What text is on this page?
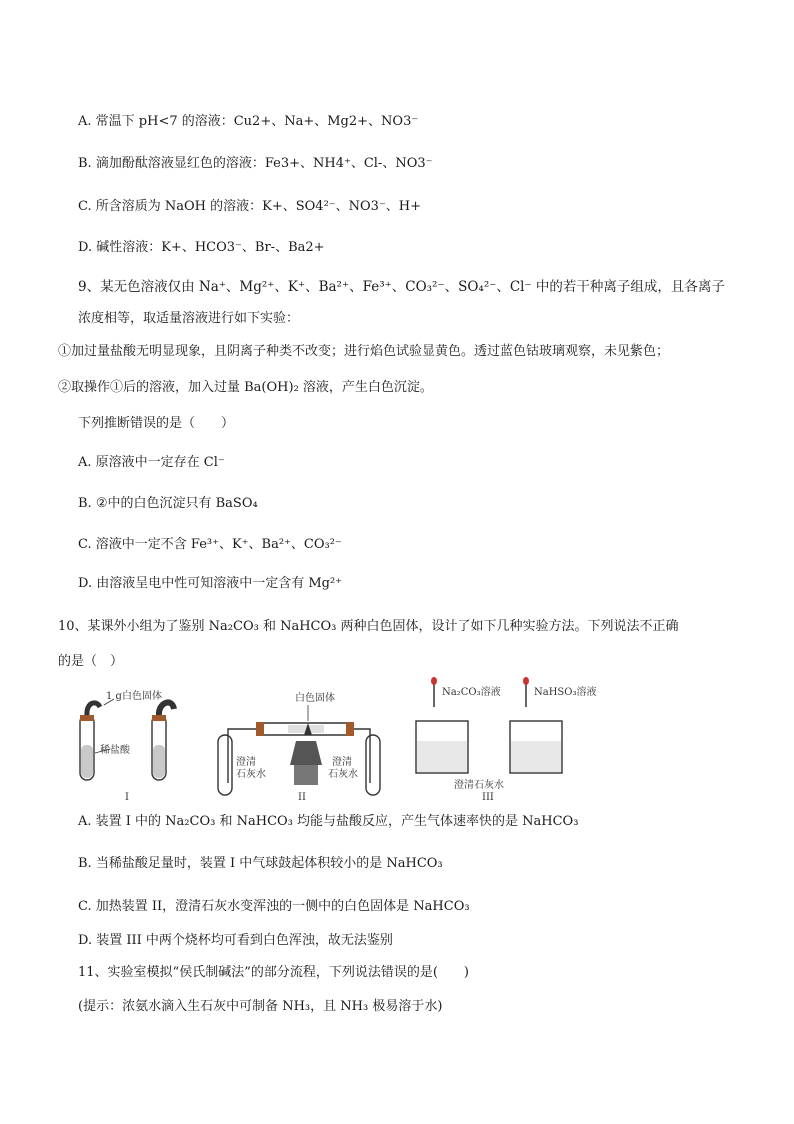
A. 常温下 pH<7 的溶液：Cu2+、Na+、Mg2+、NO3⁻
B. 滴加酚酞溶液显红色的溶液：Fe3+、NH4⁺、Cl-、NO3⁻
C. 所含溶质为 NaOH 的溶液：K+、SO4²⁻、NO3⁻、H+
D. 碱性溶液：K+、HCO3⁻、Br-、Ba2+
9、某无色溶液仅由 Na⁺、Mg²⁺、K⁺、Ba²⁺、Fe³⁺、CO₃²⁻、SO₄²⁻、Cl⁻ 中的若干种离子组成，且各离子
浓度相等，取适量溶液进行如下实验：
①加过量盐酸无明显现象，且阴离子种类不改变；进行焰色试验显黄色。透过蓝色钴玻璃观察，未见紫色；
②取操作①后的溶液，加入过量 Ba(OH)₂ 溶液，产生白色沉淀。
下列推断错误的是（　　）
A. 原溶液中一定存在 Cl⁻
B. ②中的白色沉淀只有 BaSO₄
C. 溶液中一定不含 Fe³⁺、K⁺、Ba²⁺、CO₃²⁻
D. 由溶液呈电中性可知溶液中一定含有 Mg²⁺
10、某课外小组为了鉴别 Na₂CO₃ 和 NaHCO₃ 两种白色固体，设计了如下几种实验方法。下列说法不正确
的是（　）
1 g白色固体
稀盐酸
I
白色固体
澄清石灰水
澄清石灰水
II
Na₂CO₃溶液	NaHSO₃溶液
澄清石灰水
III
A. 装置 I 中的 Na₂CO₃ 和 NaHCO₃ 均能与盐酸反应，产生气体速率快的是 NaHCO₃
B. 当稀盐酸足量时，装置 I 中气球鼓起体积较小的是 NaHCO₃
C. 加热装置 II，澄清石灰水变浑浊的一侧中的白色固体是 NaHCO₃
D. 装置 III 中两个烧杯均可看到白色浑浊，故无法鉴别
11、实验室模拟“侯氏制碱法”的部分流程，下列说法错误的是(　　)
(提示：浓氨水滴入生石灰中可制备 NH₃，且 NH₃ 极易溶于水)
